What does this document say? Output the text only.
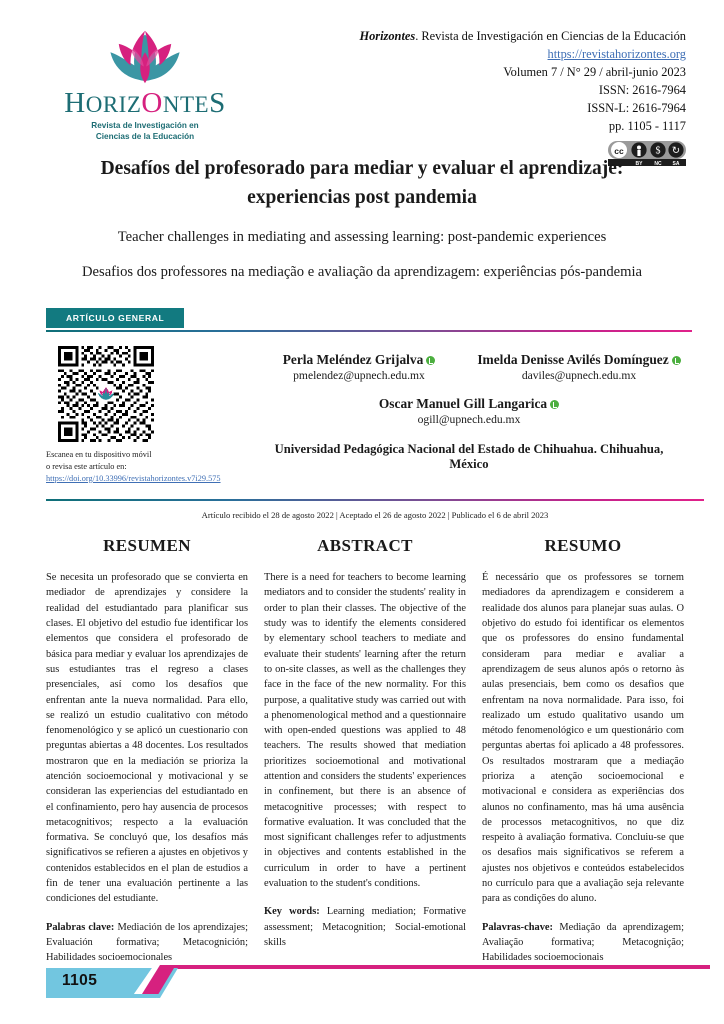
HORIZONTES
Revista de Investigación en
Ciencias de la Educación
Horizontes. Revista de Investigación en Ciencias de la Educación
https://revistahorizontes.org
Volumen 7 / N° 29 / abril-junio 2023
ISSN: 2616-7964
ISSN-L: 2616-7964
pp. 1105 - 1117
cc	$ ↻
BY NC SA
Desafíos del profesorado para mediar y evaluar el aprendizaje: experiencias post pandemia
Teacher challenges in mediating and assessing learning: post-pandemic experiences
Desafios dos professores na mediação e avaliação da aprendizagem: experiências pós-pandemia
ARTÍCULO GENERAL
Escanea en tu dispositivo móvil
o revisa este artículo en:
https://doi.org/10.33996/revistahorizontes.v7i29.575
Perla Meléndez Grijalva
pmelendez@upnech.edu.mx
Imelda Denisse Avilés Domínguez
daviles@upnech.edu.mx
Oscar Manuel Gill Langarica
ogill@upnech.edu.mx
Universidad Pedagógica Nacional del Estado de Chihuahua. Chihuahua, México
Artículo recibido el 28 de agosto 2022 | Aceptado el 26 de agosto 2022 | Publicado el 6 de abril 2023
RESUMEN

Se necesita un profesorado que se convierta en mediador de aprendizajes y considere la realidad del estudiantado para planificar sus clases. El objetivo del estudio fue identificar los elementos que considera el profesorado de básica para mediar y evaluar los aprendizajes de sus estudiantes tras el regreso a clases presenciales, así como los desafíos que enfrentan ante la nueva normalidad. Para ello, se realizó un estudio cualitativo con método fenomenológico y se aplicó un cuestionario con preguntas abiertas a 48 docentes. Los resultados mostraron que en la mediación se prioriza la atención socioemocional y motivacional y se consideran las experiencias del estudiantado en el confinamiento, pero hay ausencia de procesos metacognitivos; respecto a la evaluación formativa. Se concluyó que, los desafíos más significativos se refieren a ajustes en objetivos y contenidos establecidos en el plan de estudios a fin de tener una evaluación pertinente a las condiciones del estudiante.

Palabras clave: Mediación de los aprendizajes; Evaluación formativa; Metacognición; Habilidades socioemocionales

ABSTRACT

There is a need for teachers to become learning mediators and to consider the students' reality in order to plan their classes. The objective of the study was to identify the elements considered by elementary school teachers to mediate and evaluate their students' learning after the return to on-site classes, as well as the challenges they face in the face of the new normality. For this purpose, a qualitative study was carried out with a phenomenological method and a questionnaire with open-ended questions was applied to 48 teachers. The results showed that mediation prioritizes socioemotional and motivational attention and considers the students' experiences in confinement, but there is an absence of metacognitive processes; with respect to formative evaluation. It was concluded that the most significant challenges refer to adjustments in objectives and contents established in the curriculum in order to have a pertinent evaluation to the student's conditions.

Key words: Learning mediation; Formative assessment; Metacognition; Social-emotional skills

RESUMO

É necessário que os professores se tornem mediadores da aprendizagem e considerem a realidade dos alunos para planejar suas aulas. O objetivo do estudo foi identificar os elementos que os professores do ensino fundamental consideram para mediar e avaliar a aprendizagem de seus alunos após o retorno às aulas presenciais, bem como os desafios que enfrentam na nova normalidade. Para isso, foi realizado um estudo qualitativo usando um método fenomenológico e um questionário com perguntas abertas foi aplicado a 48 professores. Os resultados mostraram que a mediação prioriza a atenção socioemocional e motivacional e considera as experiências dos alunos no confinamento, mas há uma ausência de processos metacognitivos, no que diz respeito à avaliação formativa. Concluiu-se que os desafios mais significativos se referem a ajustes nos objetivos e conteúdos estabelecidos no currículo para que a avaliação seja relevante para as condições do aluno.

Palavras-chave: Mediação da aprendizagem; Avaliação formativa; Metacognição; Habilidades socioemocionais

1105
